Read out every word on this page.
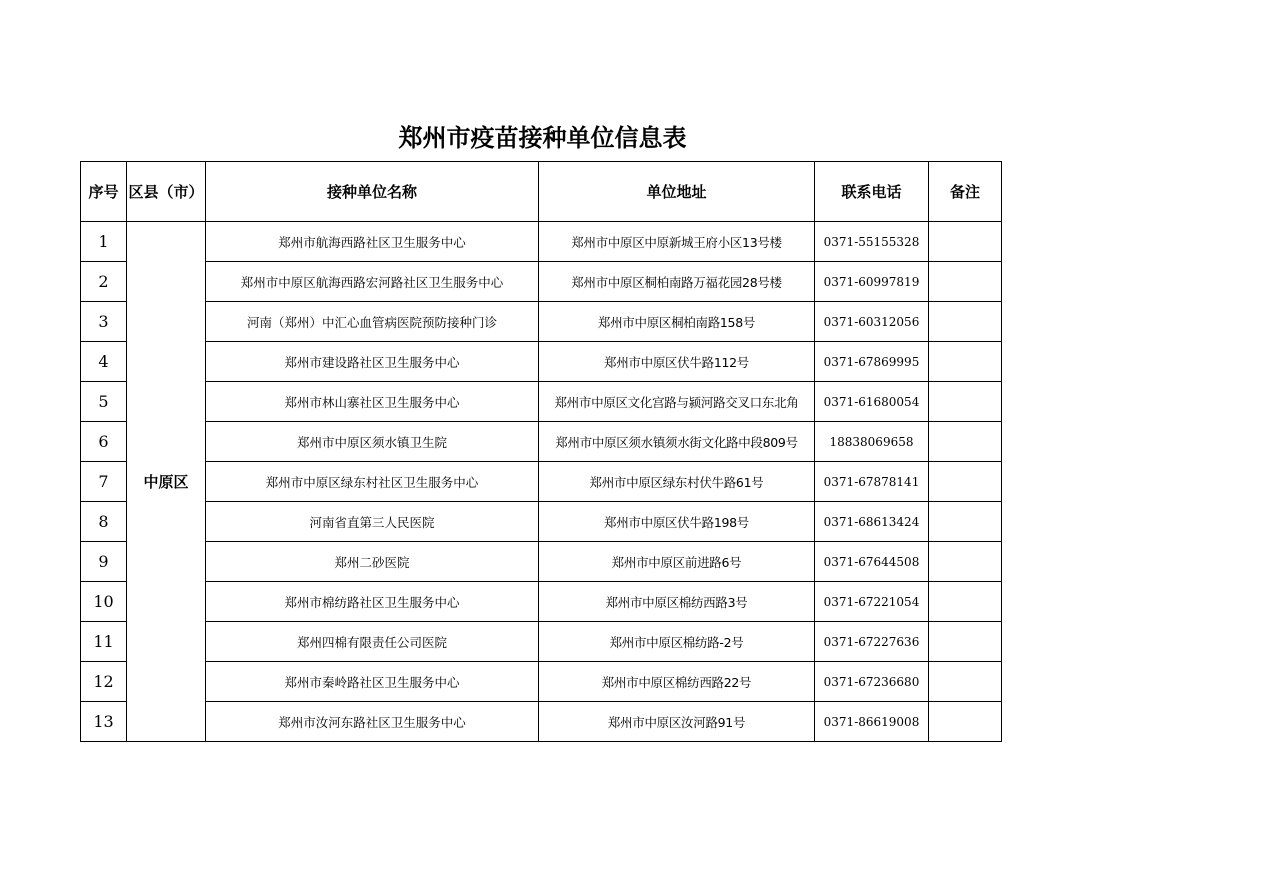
郑州市疫苗接种单位信息表
序号	区县（市）	接种单位名称	单位地址	联系电话	备注
1	中原区	郑州市航海西路社区卫生服务中心	郑州市中原区中原新城王府小区13号楼	0371-55155328	
2		郑州市中原区航海西路宏河路社区卫生服务中心	郑州市中原区桐柏南路万福花园28号楼	0371-60997819	
3		河南（郑州）中汇心血管病医院预防接种门诊	郑州市中原区桐柏南路158号	0371-60312056	
4		郑州市建设路社区卫生服务中心	郑州市中原区伏牛路112号	0371-67869995	
5		郑州市林山寨社区卫生服务中心	郑州市中原区文化宫路与颍河路交叉口东北角	0371-61680054	
6		郑州市中原区须水镇卫生院	郑州市中原区须水镇须水街文化路中段809号	18838069658	
7		郑州市中原区绿东村社区卫生服务中心	郑州市中原区绿东村伏牛路61号	0371-67878141	
8		河南省直第三人民医院	郑州市中原区伏牛路198号	0371-68613424	
9		郑州二砂医院	郑州市中原区前进路6号	0371-67644508	
10		郑州市棉纺路社区卫生服务中心	郑州市中原区棉纺西路3号	0371-67221054	
11		郑州四棉有限责任公司医院	郑州市中原区棉纺路-2号	0371-67227636	
12		郑州市秦岭路社区卫生服务中心	郑州市中原区棉纺西路22号	0371-67236680	
13		郑州市汝河东路社区卫生服务中心	郑州市中原区汝河路91号	0371-86619008	
